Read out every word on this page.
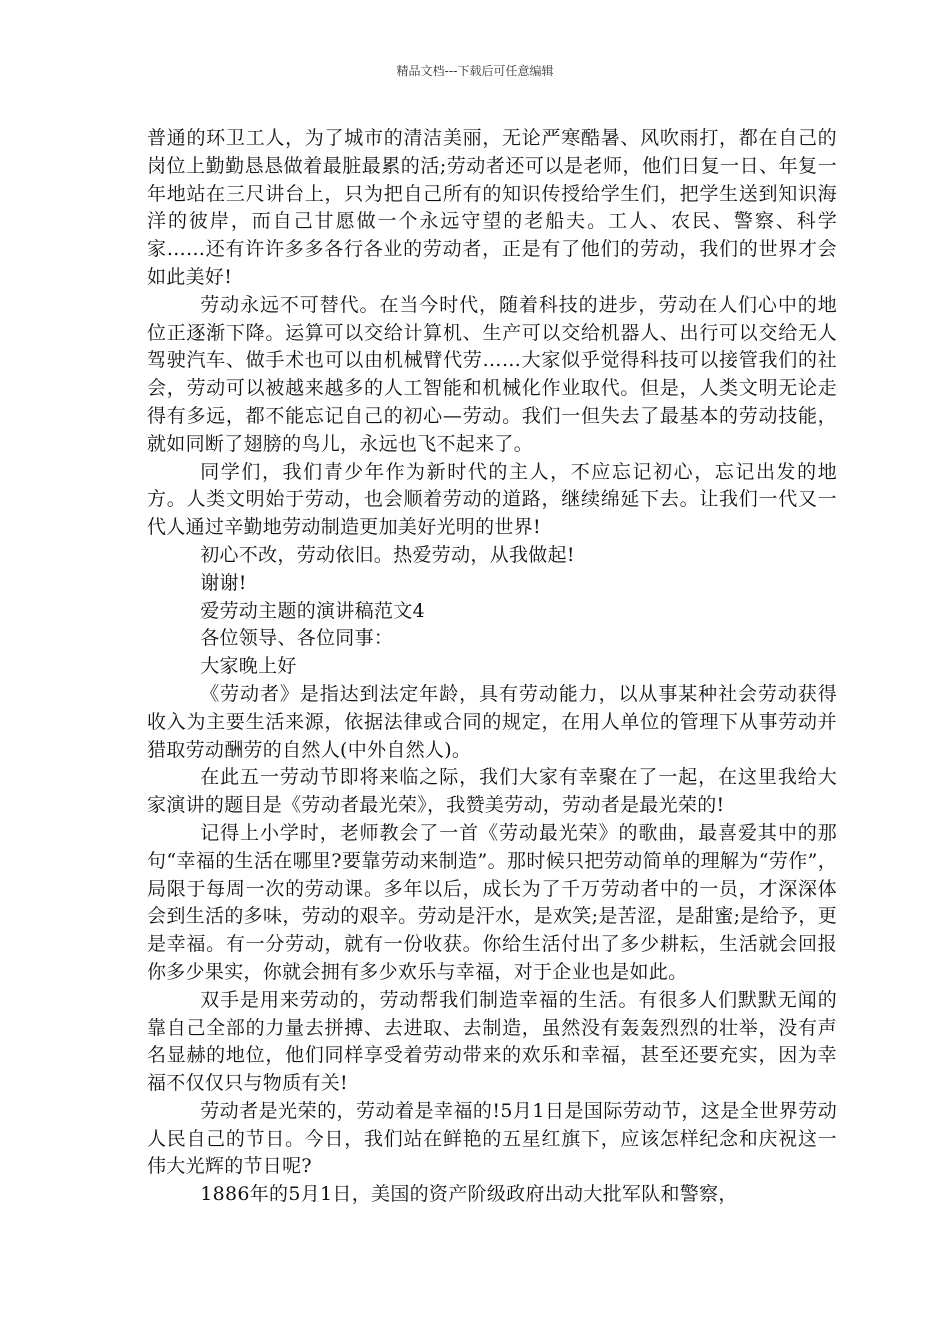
精品文档---下载后可任意编辑

普通的环卫工人，为了城市的清洁美丽，无论严寒酷暑、风吹雨打，都在自己的岗位上勤勤恳恳做着最脏最累的活;劳动者还可以是老师，他们日复一日、年复一年地站在三尺讲台上，只为把自己所有的知识传授给学生们，把学生送到知识海洋的彼岸，而自己甘愿做一个永远守望的老船夫。工人、农民、警察、科学家……还有许许多多各行各业的劳动者，正是有了他们的劳动，我们的世界才会如此美好!

劳动永远不可替代。在当今时代，随着科技的进步，劳动在人们心中的地位正逐渐下降。运算可以交给计算机、生产可以交给机器人、出行可以交给无人驾驶汽车、做手术也可以由机械臂代劳……大家似乎觉得科技可以接管我们的社会，劳动可以被越来越多的人工智能和机械化作业取代。但是，人类文明无论走得有多远，都不能忘记自己的初心—劳动。我们一但失去了最基本的劳动技能，就如同断了翅膀的鸟儿，永远也飞不起来了。

同学们，我们青少年作为新时代的主人，不应忘记初心，忘记出发的地方。人类文明始于劳动，也会顺着劳动的道路，继续绵延下去。让我们一代又一代人通过辛勤地劳动制造更加美好光明的世界!

初心不改，劳动依旧。热爱劳动，从我做起!

谢谢!

爱劳动主题的演讲稿范文4

各位领导、各位同事：

大家晚上好

《劳动者》是指达到法定年龄，具有劳动能力，以从事某种社会劳动获得收入为主要生活来源，依据法律或合同的规定，在用人单位的管理下从事劳动并猎取劳动酬劳的自然人(中外自然人)。

在此五一劳动节即将来临之际，我们大家有幸聚在了一起，在这里我给大家演讲的题目是《劳动者最光荣》，我赞美劳动，劳动者是最光荣的!

记得上小学时，老师教会了一首《劳动最光荣》的歌曲，最喜爱其中的那句“幸福的生活在哪里?要靠劳动来制造”。那时候只把劳动简单的理解为“劳作”，局限于每周一次的劳动课。多年以后，成长为了千万劳动者中的一员，才深深体会到生活的多味，劳动的艰辛。劳动是汗水，是欢笑;是苦涩，是甜蜜;是给予，更是幸福。有一分劳动，就有一份收获。你给生活付出了多少耕耘，生活就会回报你多少果实，你就会拥有多少欢乐与幸福，对于企业也是如此。

双手是用来劳动的，劳动帮我们制造幸福的生活。有很多人们默默无闻的靠自己全部的力量去拼搏、去进取、去制造，虽然没有轰轰烈烈的壮举，没有声名显赫的地位，他们同样享受着劳动带来的欢乐和幸福，甚至还要充实，因为幸福不仅仅只与物质有关!

劳动者是光荣的，劳动着是幸福的!5月1日是国际劳动节，这是全世界劳动人民自己的节日。今日，我们站在鲜艳的五星红旗下，应该怎样纪念和庆祝这一伟大光辉的节日呢?

1886年的5月1日，美国的资产阶级政府出动大批军队和警察，
